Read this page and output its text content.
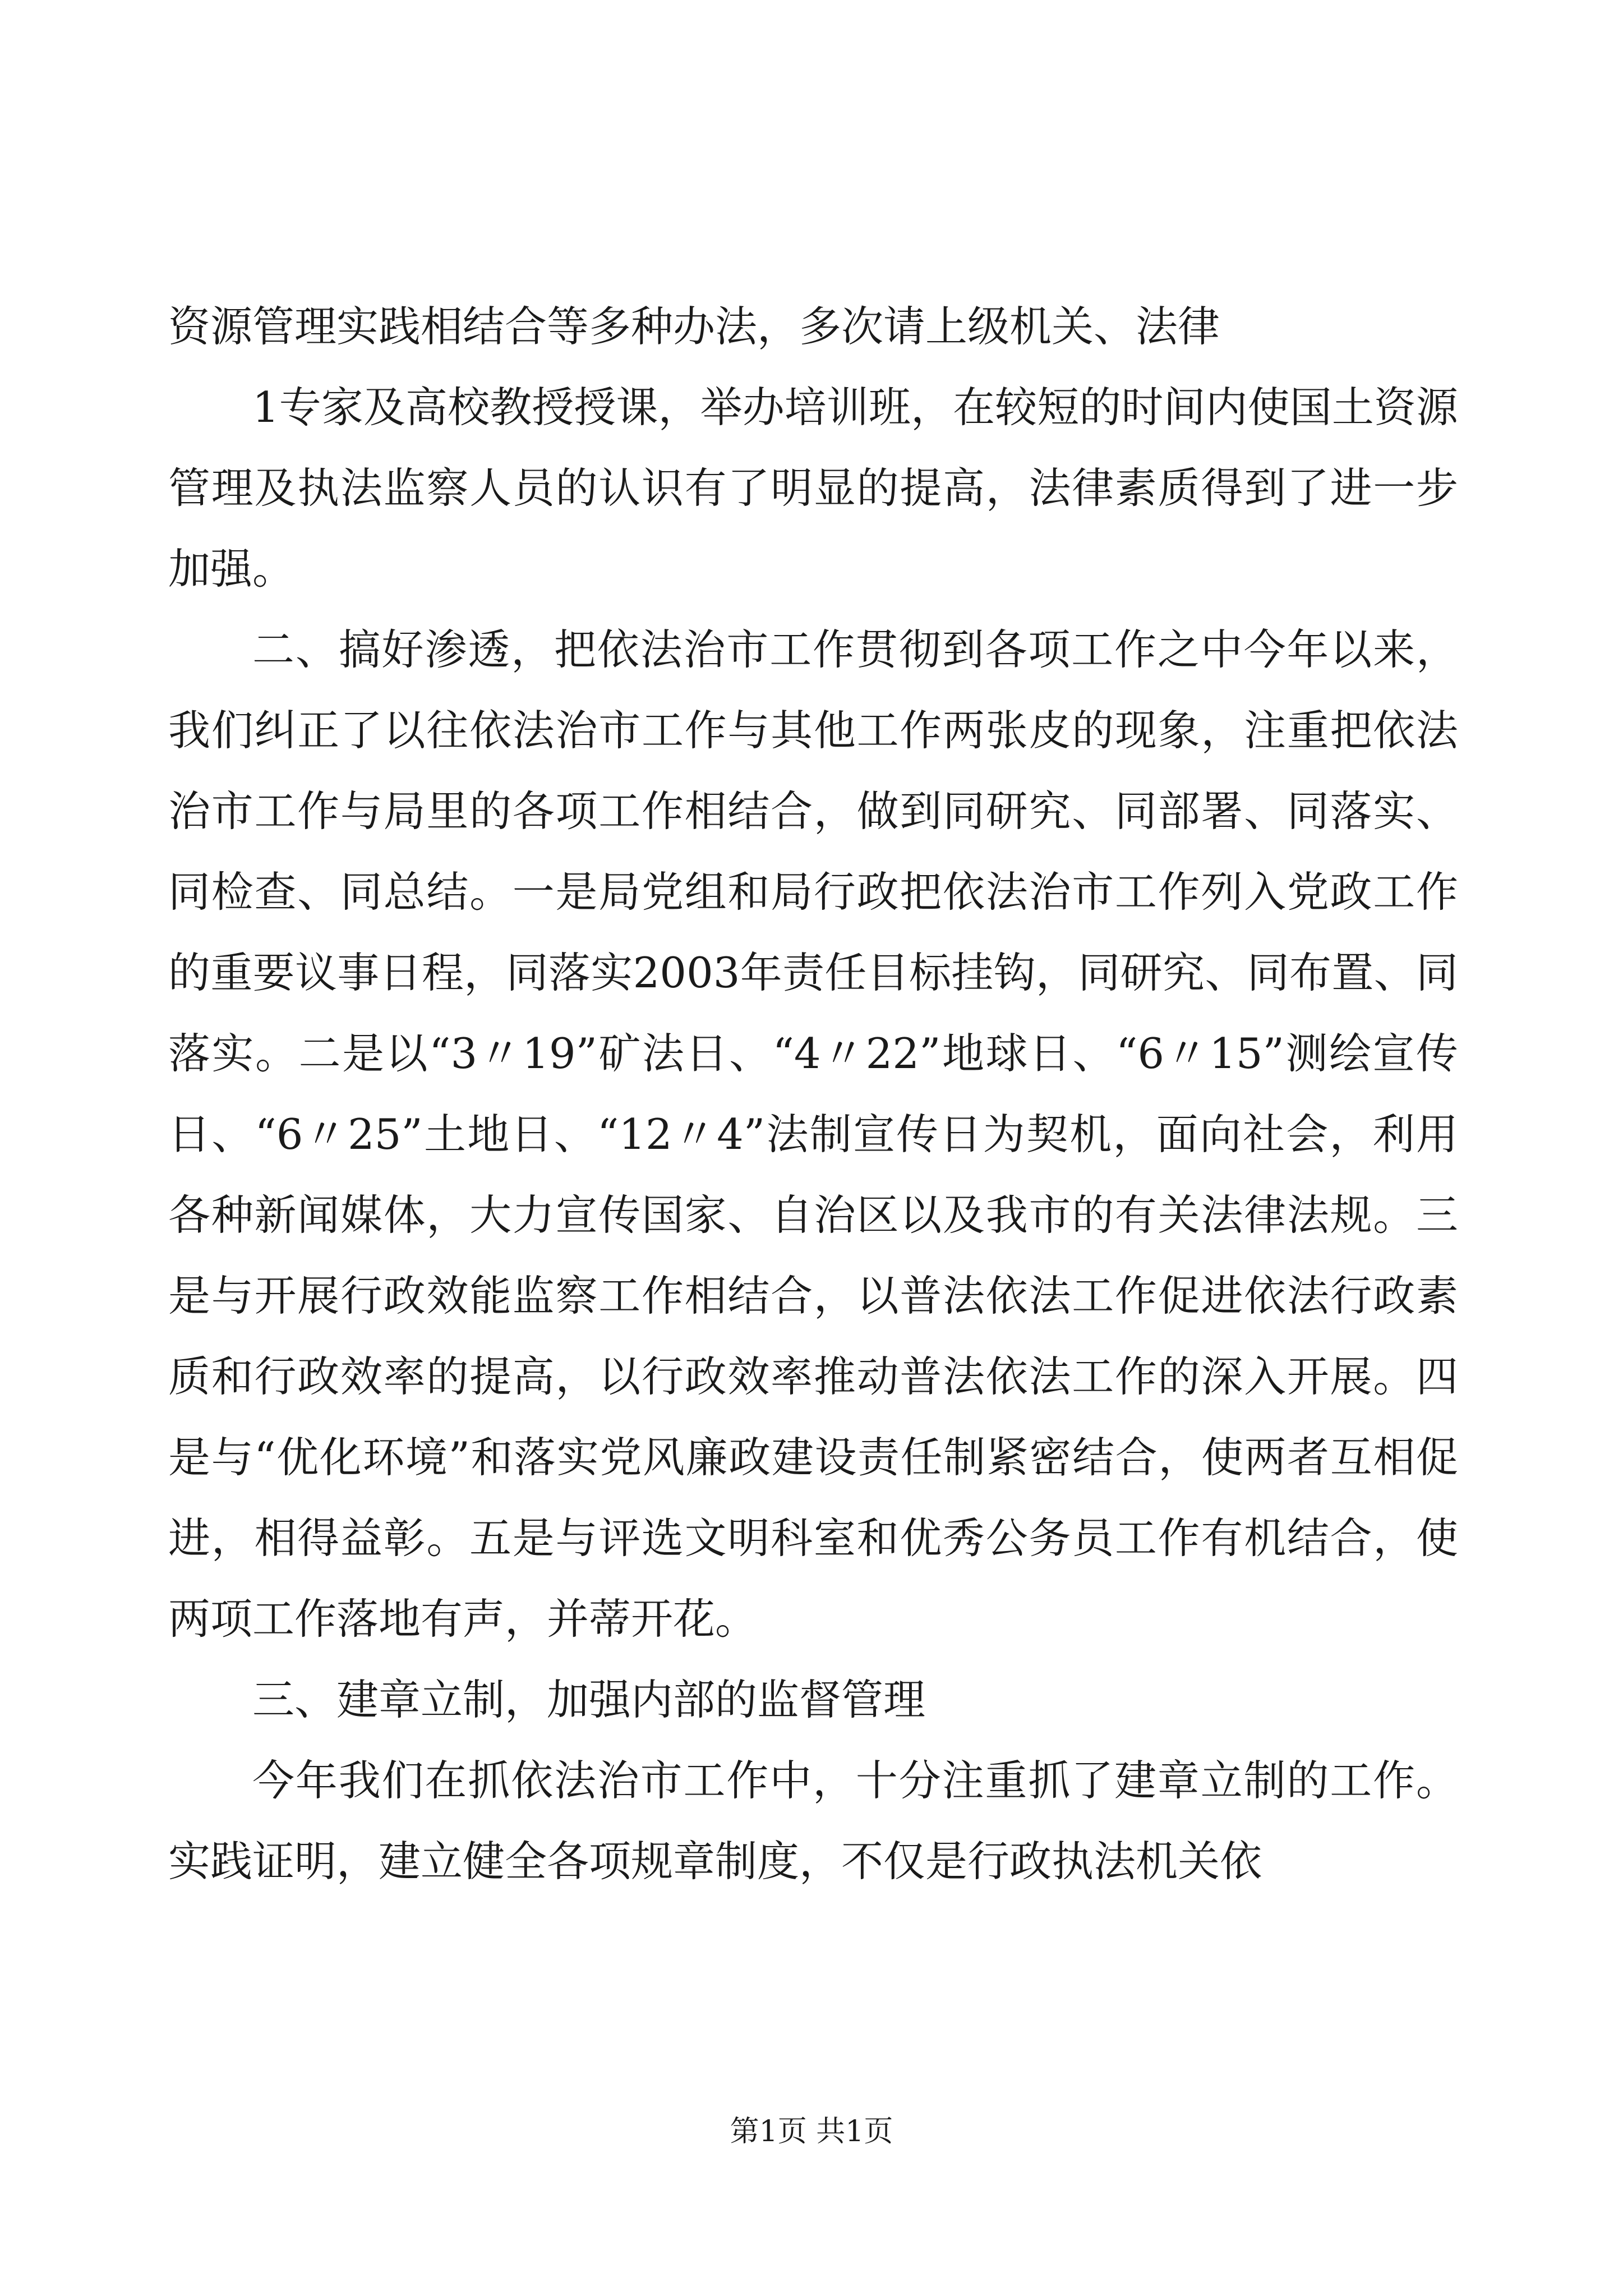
资源管理实践相结合等多种办法，多次请上级机关、法律

1专家及高校教授授课，举办培训班，在较短的时间内使国土资源管理及执法监察人员的认识有了明显的提高，法律素质得到了进一步加强。

二、搞好渗透，把依法治市工作贯彻到各项工作之中今年以来，我们纠正了以往依法治市工作与其他工作两张皮的现象，注重把依法治市工作与局里的各项工作相结合，做到同研究、同部署、同落实、同检查、同总结。一是局党组和局行政把依法治市工作列入党政工作的重要议事日程，同落实2003年责任目标挂钩，同研究、同布置、同落实。二是以“3〃19”矿法日、“4〃22”地球日、“6〃15”测绘宣传日、“6〃25”土地日、“12〃4”法制宣传日为契机，面向社会，利用各种新闻媒体，大力宣传国家、自治区以及我市的有关法律法规。三是与开展行政效能监察工作相结合，以普法依法工作促进依法行政素质和行政效率的提高，以行政效率推动普法依法工作的深入开展。四是与“优化环境”和落实党风廉政建设责任制紧密结合，使两者互相促进，相得益彰。五是与评选文明科室和优秀公务员工作有机结合，使两项工作落地有声，并蒂开花。

三、建章立制，加强内部的监督管理

今年我们在抓依法治市工作中，十分注重抓了建章立制的工作。实践证明，建立健全各项规章制度，不仅是行政执法机关依

第1页 共1页
